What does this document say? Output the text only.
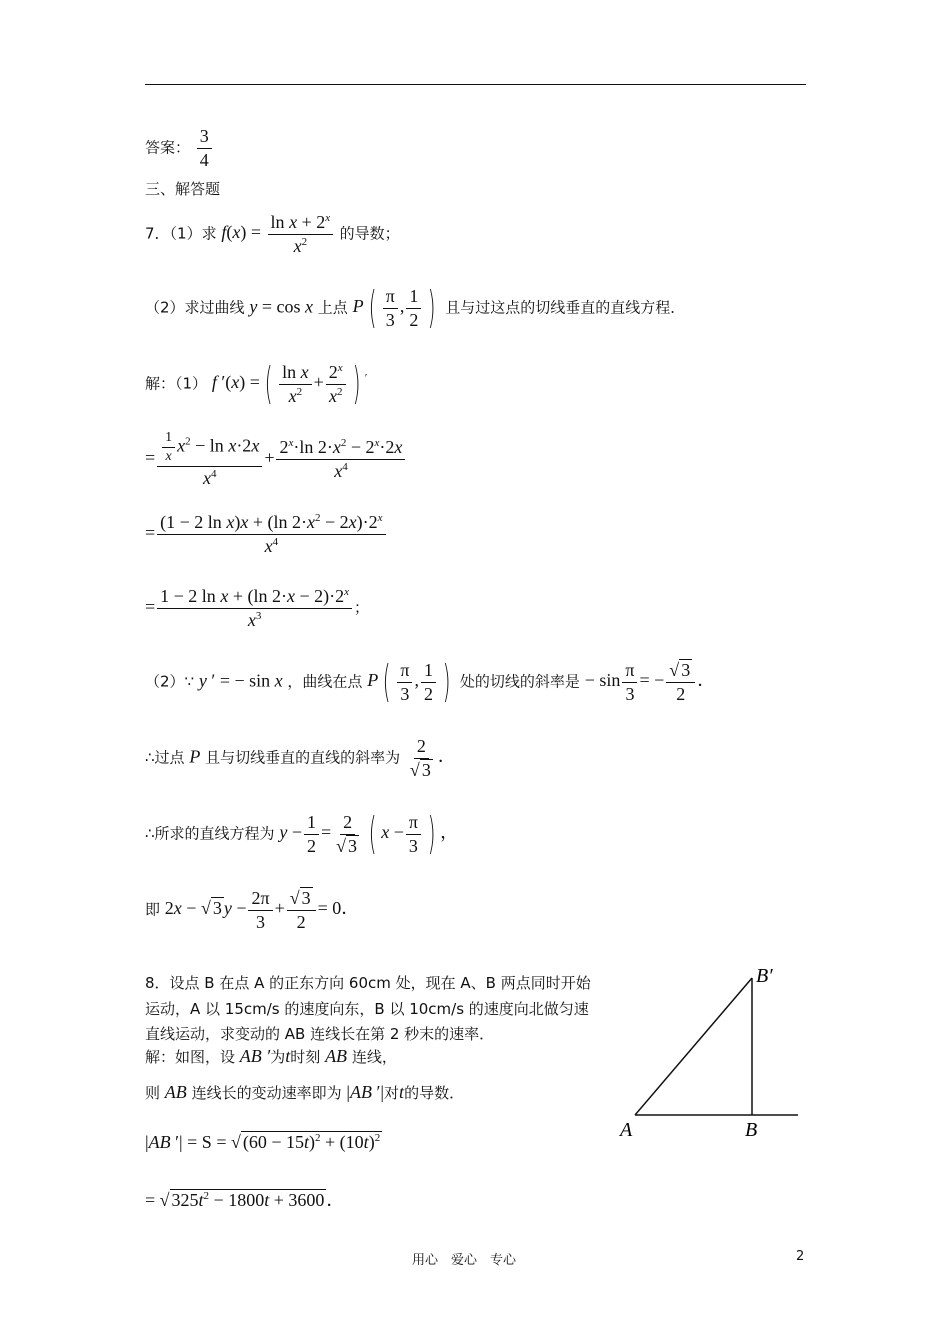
答案： $\frac{3}{4}$
三、解答题
7．（1）求 $f(x) = \frac{\ln x + 2^x}{x^2}$ 的导数；
（2）求过曲线 y = cos x 上点 P ( $\frac{\pi}{3}$ , $\frac{1}{2}$ ) 且与过这点的切线垂直的直线方程．
解：（1） f ′(x) = ( $\frac{\text{ln x}}{x^2} + \frac{2^x}{x^2}$ ) ′
= $\frac{\frac{1}{x} x^2 - \ln x\cdot 2x}{x^4} + \frac{2^x\cdot\ln 2\cdot x^2 - 2^x\cdot 2x}{x^4}$
= $\frac{(1 - 2 \ln x)x + (\ln 2\cdot x^2 - 2x)\cdot 2^x}{x^4}$
= $\frac{1 - 2 \ln x + (\ln 2\cdot x - 2)\cdot 2^x}{x^3}$ ；
（2）∵ y ′ = − sin x ，曲线在点 P ( $\frac{\pi}{3}$ , $\frac{1}{2}$ ) 处的切线的斜率是 − $\sin \frac{\pi}{3}$ = − $\frac{√ 3}{2}$ ．
∴过点 P 且与切线垂直的直线的斜率为 $\frac{2}{√ 3}$ ．
∴所求的直线方程为 $y - \frac{1}{2} = \frac{2}{√ 3}$ ( $x - \frac{\pi}{3}$ ) ，
即 2x − √ 3 $y - \frac{2\pi}{3} + \frac{√ 3}{2} = 0$．
8．设点 B 在点 A 的正东方向 60cm 处，现在 A、B 两点同时开始
运动，A 以 15cm/s 的速度向东，B 以 10cm/s 的速度向北做匀速
直线运动，求变动的 AB 连线长在第 2 秒末的速率．
解：如图，设 AB ′为t时刻 AB 连线，
则 AB 连线长的变动速率即为 |AB ′|对t的导数．
|AB ′| = S = √ $(60 - 15t)^2 + (10t)^2$
= √ $325t^2 - 1800t + 3600$ ．
A	B
B′
用心　爱心　专心	2
